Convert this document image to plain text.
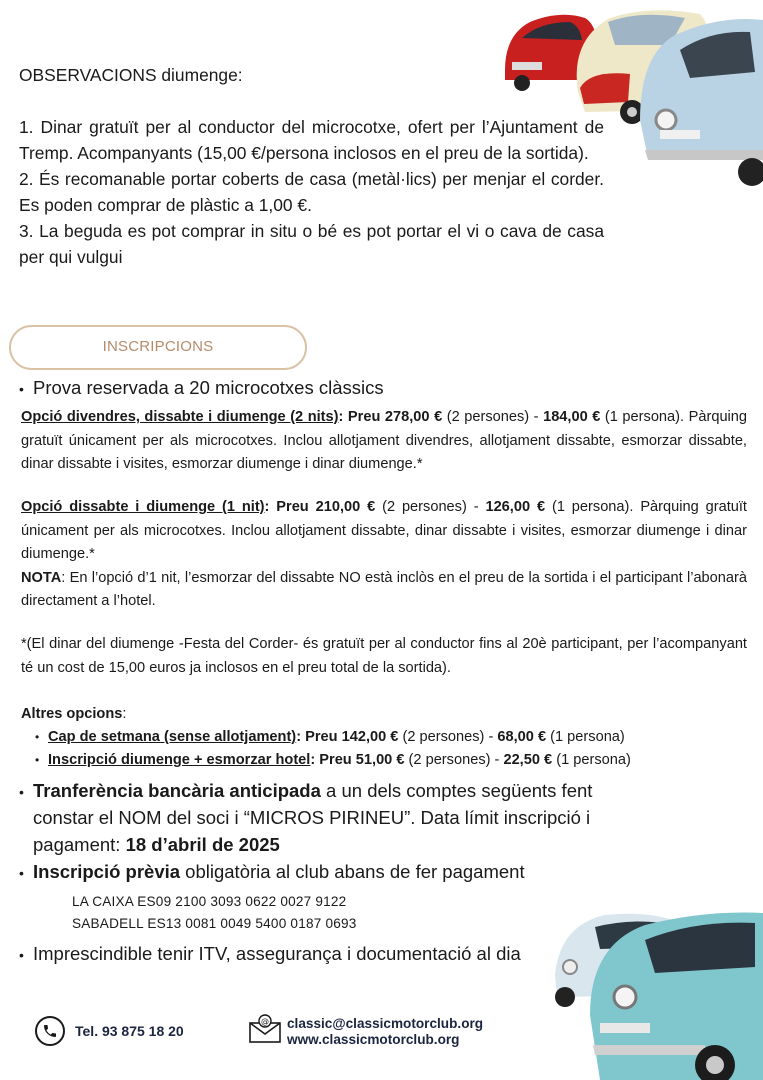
OBSERVACIONS diumenge:
1. Dinar gratuït per al conductor del microcotxe, ofert per l’Ajuntament de Tremp. Acompanyants (15,00 €/persona inclosos en el preu de la sortida).
2. És recomanable portar coberts de casa (metàl·lics) per menjar el corder. Es poden comprar de plàstic a 1,00 €.
3. La beguda es pot comprar in situ o bé es pot portar el vi o cava de casa per qui vulgui
INSCRIPCIONS
• Prova reservada a 20 microcotxes clàssics
Opció divendres, dissabte i diumenge (2 nits): Preu 278,00 € (2 persones) - 184,00 € (1 persona). Pàrquing gratuït únicament per als microcotxes. Inclou allotjament divendres, allotjament dissabte, esmorzar dissabte, dinar dissabte i visites, esmorzar diumenge i dinar diumenge.*
Opció dissabte i diumenge (1 nit): Preu 210,00 € (2 persones) - 126,00 € (1 persona). Pàrquing gratuït únicament per als microcotxes. Inclou allotjament dissabte, dinar dissabte i visites, esmorzar diumenge i dinar diumenge.*
NOTA: En l’opció d’1 nit, l’esmorzar del dissabte NO està inclòs en el preu de la sortida i el participant l’abonarà directament a l’hotel.
*(El dinar del diumenge -Festa del Corder- és gratuït per al conductor fins al 20è participant, per l’acompanyant té un cost de 15,00 euros ja inclosos en el preu total de la sortida).
Altres opcions:
• Cap de setmana (sense allotjament): Preu 142,00 € (2 persones) - 68,00 € (1 persona)
• Inscripció diumenge + esmorzar hotel: Preu 51,00 € (2 persones) - 22,50 € (1 persona)
• Tranferència bancària anticipada a un dels comptes següents fent
constar el NOM del soci i “MICROS PIRINEU”. Data límit inscripció i
pagament: 18 d’abril de 2025
• Inscripció prèvia obligatòria al club abans de fer pagament
LA CAIXA ES09 2100 3093 0622 0027 9122
SABADELL ES13 0081 0049 5400 0187 0693
• Imprescindible tenir ITV, assegurança i documentació al dia
Tel. 93 875 18 20
@ classic@classicmotorclub.org
www.classicmotorclub.org
